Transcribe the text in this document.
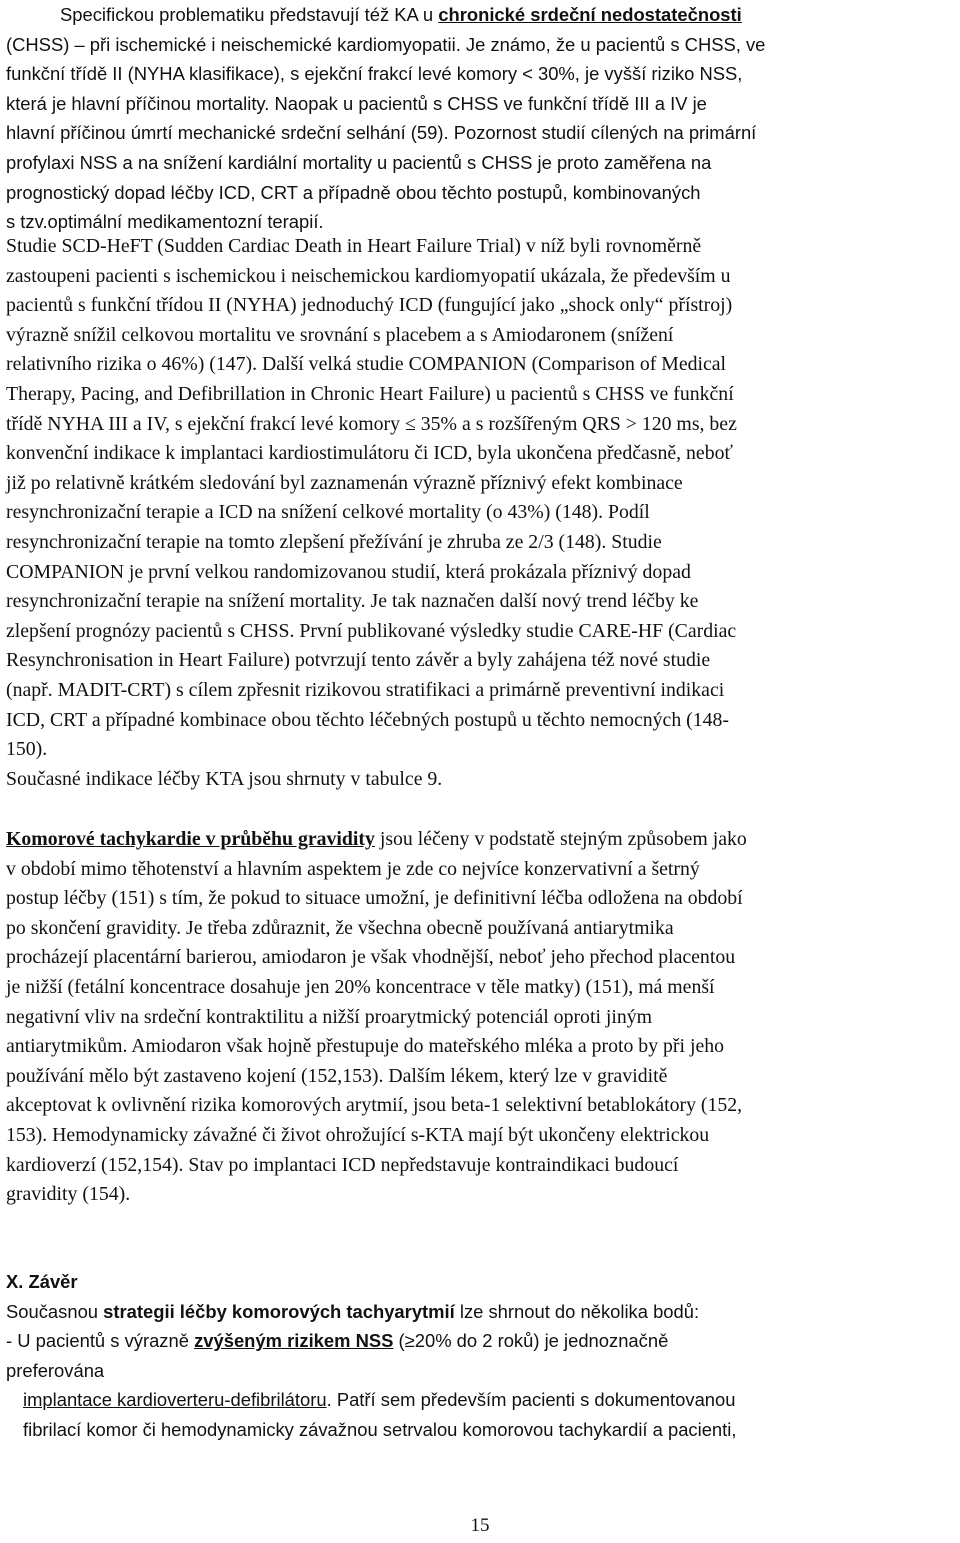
Specifickou problematiku představují též KA u chronické srdeční nedostatečnosti
(CHSS) – při ischemické i neischemické kardiomyopatii. Je známo, že u pacientů s CHSS, ve
funkční třídě II (NYHA klasifikace), s ejekční frakcí levé komory < 30%, je vyšší riziko NSS,
která je hlavní příčinou mortality. Naopak u pacientů s CHSS ve funkční třídě III a IV je
hlavní příčinou úmrtí mechanické srdeční selhání (59). Pozornost studií cílených na primární
profylaxi NSS a na snížení kardiální mortality u pacientů s CHSS je proto zaměřena na
prognostický dopad léčby ICD, CRT a případně obou těchto postupů, kombinovaných
s tzv.optimální medikamentozní terapií.
Studie SCD-HeFT (Sudden Cardiac Death in Heart Failure Trial) v níž byli rovnoměrně
zastoupeni pacienti s ischemickou i neischemickou kardiomyopatií ukázala, že především u
pacientů s funkční třídou II (NYHA) jednoduchý ICD (fungující jako „shock only“ přístroj)
výrazně snížil celkovou mortalitu ve srovnání s placebem a s Amiodaronem (snížení
relativního rizika o 46%) (147). Další velká studie COMPANION (Comparison of Medical
Therapy, Pacing, and Defibrillation in Chronic Heart Failure) u pacientů s CHSS ve funkční
třídě NYHA III a IV, s ejekční frakcí levé komory ≤ 35% a s rozšířeným QRS > 120 ms, bez
konvenční indikace k implantaci kardiostimulátoru či ICD, byla ukončena předčasně, neboť
již po relativně krátkém sledování byl zaznamenán výrazně příznivý efekt kombinace
resynchronizační terapie a ICD na snížení celkové mortality (o 43%) (148). Podíl
resynchronizační terapie na tomto zlepšení přežívání je zhruba ze 2/3 (148). Studie
COMPANION je první velkou randomizovanou studií, která prokázala příznivý dopad
resynchronizační terapie na snížení mortality. Je tak naznačen další nový trend léčby ke
zlepšení prognózy pacientů s CHSS. První publikované výsledky studie CARE-HF (Cardiac
Resynchronisation in Heart Failure) potvrzují tento závěr a byly zahájena též nové studie
(např. MADIT-CRT) s cílem zpřesnit rizikovou stratifikaci a primárně preventivní indikaci
ICD, CRT a případné kombinace obou těchto léčebných postupů u těchto nemocných (148-
150).
Současné indikace léčby KTA jsou shrnuty v tabulce 9.
Komorové tachykardie v průběhu gravidity jsou léčeny v podstatě stejným způsobem jako
v období mimo těhotenství a hlavním aspektem je zde co nejvíce konzervativní a šetrný
postup léčby (151) s tím, že pokud to situace umožní, je definitivní léčba odložena na období
po skončení gravidity. Je třeba zdůraznit, že všechna obecně používaná antiarytmika
procházejí placentární barierou, amiodaron je však vhodnější, neboť jeho přechod placentou
je nižší (fetální koncentrace dosahuje jen 20% koncentrace v těle matky) (151), má menší
negativní vliv na srdeční kontraktilitu a nižší proarytmický potenciál oproti jiným
antiarytmikům. Amiodaron však hojně přestupuje do mateřského mléka a proto by při jeho
používání mělo být zastaveno kojení (152,153). Dalším lékem, který lze v graviditě
akceptovat k ovlivnění rizika komorových arytmií, jsou beta-1 selektivní betablokátory (152,
153). Hemodynamicky závažné či život ohrožující s-KTA mají být ukončeny elektrickou
kardioverzí (152,154). Stav po implantaci ICD nepředstavuje kontraindikaci budoucí
gravidity (154).
X. Závěr
Současnou strategii léčby komorových tachyarytmií lze shrnout do několika bodů:
- U pacientů s výrazně zvýšeným rizikem NSS (≥20% do 2 roků) je jednoznačně
preferována
implantace kardioverteru-defibrilátoru. Patří sem především pacienti s dokumentovanou
fibrilací komor či hemodynamicky závažnou setrvalou komorovou tachykardií a pacienti,
15
